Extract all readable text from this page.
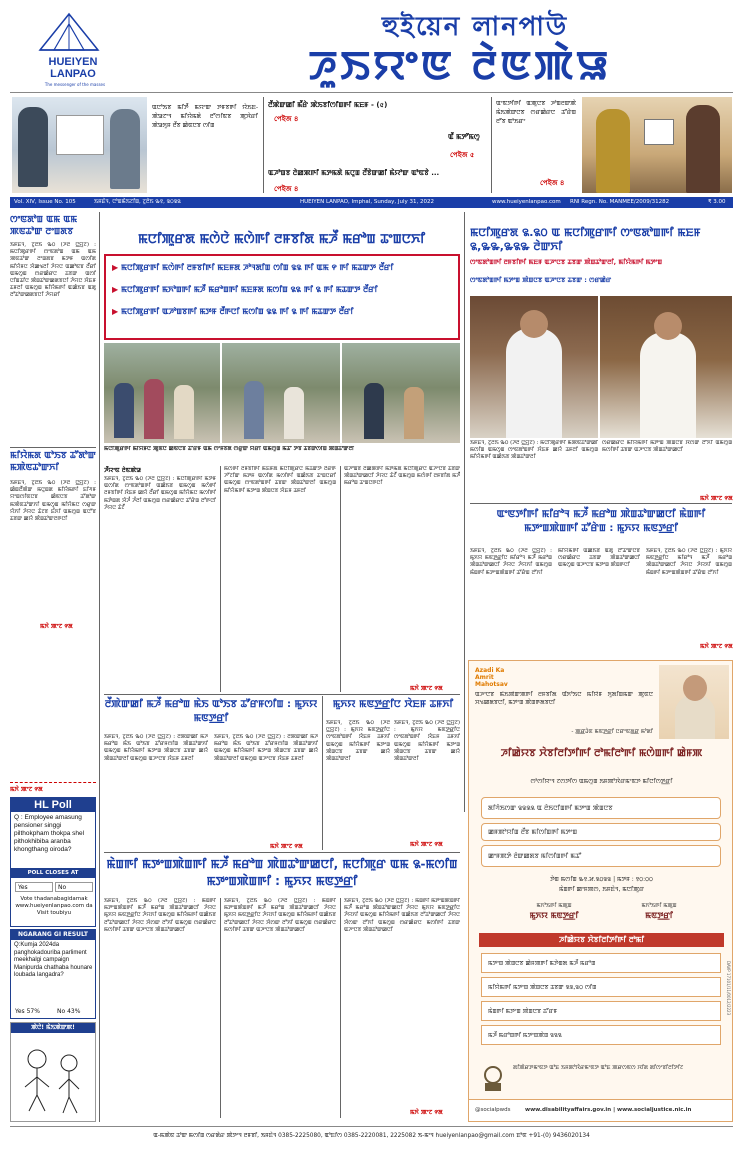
HUEIYEN
LANPAO
The messenger of the masses
হুইয়েন লানপাউ
ꯍꯨꯏꯌꯦꯟ ꯂꯥꯟꯄꯥꯎ
ꯑꯅꯣꯏꯕ ꯃꯤꯇꯩ ꯃꯌꯦꯛ ꯇꯝꯕꯒꯤ ꯌꯥꯏꯐ-ꯄꯥꯎꯖꯦꯜ ꯃꯤꯌꯥꯃꯗꯥ ꯂꯧꯁꯤꯟꯕ ꯄꯨꯋꯥꯔꯤ ꯄꯥꯎꯈꯨꯝ ꯂꯩꯕ ꯀꯥꯟꯅꯕ ꯁꯤꯡ
ꯂꯩꯄꯥꯛꯀꯤ ꯃꯩꯔꯥ ꯄꯥꯏꯕꯤꯁꯤꯡꯒꯤ ꯃꯐꯝ - (৫)
পেইজ ৪
ꯑꯩ ꯃꯇꯧꯃꯁꯨ
পেইজ ৫
ꯑꯍꯣꯡꯕ ꯂꯥꯀꯄꯒꯤ ꯃꯇꯃꯗꯥ ꯃꯅꯨꯡ ꯂꯩꯕꯥꯛꯀꯤ ꯃꯥꯌꯣꯛ ꯑꯣꯟꯕꯥ ...
পেইজ ৪
ꯑꯦꯟꯇꯤꯒꯤ ꯑꯄꯨꯅꯕ ꯍꯣꯡꯂꯛꯄꯥ ꯃꯥꯏꯄꯥꯛꯅꯕ ꯁꯔꯀꯥꯔꯅ ꯊꯧꯔꯥꯡ ꯂꯧꯕ ꯑꯣꯏꯔꯦ
পেইজ ৪
Vol. XIV, Issue No. 105	ꯏꯝꯐꯥꯜ, ꯅꯣꯡꯃꯥꯏꯖꯤꯡ, ꯖꯨꯂꯥꯏ ꯳꯱, ꯲꯰꯲꯲	HUEIYEN LANPAO, Imphal, Sunday, July 31, 2022	www.hueiyenlanpao.com RNI Regn. No. MANMEE/2009/31282	₹ 3.00
ꯁꯦꯟꯗꯣꯡ ꯑꯃ ꯑꯃ ꯄꯟꯊꯣꯛ ꯂꯦꯡꯗꯕ
ꯏꯝꯐꯥꯜ, ꯖꯨꯂꯥꯏ ꯳꯰ (ꯍꯂ ꯅ꯭ꯌꯨꯖ) : ꯃꯅꯤꯄꯨꯔꯒꯤ ꯁꯦꯟꯗꯣꯡ ꯑꯃ ꯑꯃ ꯄꯟꯊꯣꯛ ꯂꯦꯡꯗꯕ ꯃꯇꯝ ꯑꯁꯤꯗ ꯃꯤꯌꯥꯝꯅ ꯋꯥꯀꯠꯂꯤ ꯍꯥꯌꯅ ꯑꯀꯣꯟꯕ ꯂꯩꯔꯤ ꯑꯃꯁꯨꯡ ꯁꯔꯀꯥꯔꯅ ꯊꯕꯛ ꯑꯁꯤ ꯅꯤꯡꯊꯤꯅ ꯄꯥꯡꯊꯣꯛꯀꯗꯕꯅꯤ ꯍꯥꯌꯅ ꯋꯥꯐꯝ ꯊꯝꯂꯤ ꯑꯃꯁꯨꯡ ꯃꯤꯌꯥꯃꯒꯤ ꯑꯀꯥꯏꯕ ꯑꯗꯨ ꯂꯧꯊꯣꯛꯀꯗꯕꯅꯤ ꯍꯥꯌꯔꯤ
ꯃꯤꯌꯥꯃꯗ ꯑꯣꯏꯕ ꯊꯧꯗꯣꯛ ꯃꯄꯥꯟꯊꯣꯛꯈꯤ
ꯏꯝꯐꯥꯜ, ꯖꯨꯂꯥꯏ ꯳꯰ (ꯍꯂ ꯅ꯭ꯌꯨꯖ) : ꯀꯥꯡꯂꯩꯄꯥꯛ ꯃꯅꯨꯡꯗ ꯃꯤꯌꯥꯃꯒꯤ ꯐꯤꯚꯝ ꯌꯦꯡꯁꯤꯟꯅꯕ ꯀꯥꯟꯅꯕ ꯊꯧꯗꯣꯛ ꯃꯄꯥꯟꯊꯣꯛꯈꯤ ꯑꯃꯁꯨꯡ ꯃꯤꯌꯥꯃꯅ ꯁꯔꯨꯛ ꯌꯥꯈꯤ ꯍꯥꯌꯅ ꯊꯥꯖꯕ ꯐꯪꯈꯤ ꯑꯃꯁꯨꯡ ꯑꯅꯧꯕ ꯊꯕꯛ ꯀꯌꯥ ꯄꯥꯡꯊꯣꯛꯂꯒꯅꯤ
ꯃꯈꯥ ꯄꯦꯖ ꯵ꯗ
ꯃꯈꯥ ꯄꯦꯖ ꯵ꯗ
HL Poll
Q : Employee amasung pensioner singgi pilthokpham thokpa shel pithokhibiba aranba khongthang oiroda?
POLL CLOSES AT MIDNIGHT
Yes	No
Vote thadanabagidamak www.hueiyenlanpao.com da Visit toubiyu
NGARANG GI RESULT
Q:Kumja 2024da panghokadouriba parliment meekhalgi campaign Manipurda chathaba hounare loubada langadra?
Yes 57%	No 43%
ꯄꯥꯅꯥ! ꯃꯥꯏꯄꯥꯛꯄ!
ꯃꯅꯤꯄꯨꯔꯗ ꯃꯁꯥꯅꯥ ꯃꯁꯥꯒꯤ ꯂꯝꯕꯤꯗ ꯃꯍꯩ ꯃꯔꯣꯡ ꯊꯦꯡꯅꯈꯤ
▶ ꯃꯅꯤꯄꯨꯔꯒꯤ ꯃꯁꯥꯒꯤ ꯂꯝꯕꯤꯒꯤ ꯃꯐꯝꯗ ꯍꯣꯜꯗꯤꯡ ꯁꯤꯡ ꯲꯲ ꯒꯤ ꯑꯃ ꯵ ꯒꯤ ꯃꯊꯛꯇ ꯂꯩꯔꯤ
▶ ꯃꯅꯤꯄꯨꯔꯒꯤ ꯃꯈꯣꯡꯒꯤ ꯃꯍꯩ ꯃꯔꯣꯡꯒꯤ ꯃꯐꯝꯗ ꯃꯁꯤꯡ ꯲꯲ ꯒꯤ ꯲ ꯒꯤ ꯃꯊꯛꯇ ꯂꯩꯔꯤ
▶ ꯃꯅꯤꯄꯨꯔꯒꯤ ꯑꯍꯣꯡꯕꯒꯤ ꯃꯇꯝ ꯂꯩꯒꯅꯤ ꯃꯁꯤꯡ ꯲꯲ ꯒꯤ ꯲ ꯒꯤ ꯃꯊꯛꯇ ꯂꯩꯔꯤ
ꯃꯅꯤꯄꯨꯔꯒꯤ ꯃꯤꯌꯥꯝꯅ ꯄꯨꯟꯅ ꯀꯥꯟꯅꯕ ꯊꯧꯔꯝ ꯑꯃ ꯁꯦꯝꯕꯗ ꯁꯔꯨꯛ ꯌꯥꯔꯤ ꯑꯃꯁꯨꯡ ꯃꯊꯧ ꯇꯥꯕ ꯊꯕꯛꯁꯤꯡ ꯄꯥꯡꯊꯣꯛꯂꯤ
ꯍꯩꯌꯦꯟ ꯂꯥꯟꯄꯥꯎ
ꯏꯝꯐꯥꯜ, ꯖꯨꯂꯥꯏ ꯳꯰ (ꯍꯂ ꯅ꯭ꯌꯨꯖ) : ꯃꯅꯤꯄꯨꯔꯒꯤ ꯃꯇꯝ ꯑꯁꯤꯗ ꯁꯦꯟꯗꯣꯡꯒꯤ ꯑꯀꯥꯏꯕ ꯑꯃꯁꯨꯡ ꯃꯁꯥꯒꯤ ꯂꯝꯕꯤꯒꯤ ꯋꯥꯐꯝ ꯀꯌꯥ ꯂꯩꯔꯤ ꯑꯃꯁꯨꯡ ꯃꯤꯌꯥꯃꯅ ꯃꯁꯤꯒꯤ ꯃꯇꯥꯡꯗ ꯋꯥꯍꯪ ꯍꯪꯂꯤ ꯑꯃꯁꯨꯡ ꯁꯔꯀꯥꯔꯅ ꯊꯧꯔꯥꯡ ꯂꯧꯒꯅꯤ ꯍꯥꯌꯅ ꯊꯥꯖꯩ
ꯃꯁꯥꯒꯤ ꯂꯝꯕꯤꯒꯤ ꯃꯐꯝꯗ ꯃꯅꯤꯄꯨꯔꯅ ꯃꯊꯛꯇ ꯂꯩꯔꯒꯥ ꯍꯧꯖꯤꯛ ꯃꯇꯝ ꯑꯁꯤꯗ ꯃꯁꯤꯒꯤ ꯑꯀꯥꯏꯕ ꯊꯦꯡꯅꯔꯤ ꯑꯃꯁꯨꯡ ꯁꯦꯟꯗꯣꯡꯒꯤ ꯊꯕꯛ ꯄꯥꯡꯊꯣꯛꯂꯤ ꯑꯃꯁꯨꯡ ꯃꯤꯌꯥꯃꯒꯤ ꯃꯇꯦꯡ ꯄꯥꯡꯅꯕ ꯋꯥꯐꯝ ꯊꯝꯂꯤ
ꯑꯍꯣꯡꯕ ꯂꯥꯀꯄꯒꯤ ꯃꯇꯃꯗꯥ ꯃꯅꯤꯄꯨꯔꯅ ꯑꯍꯦꯅꯕ ꯊꯕꯛ ꯄꯥꯡꯊꯣꯛꯀꯅꯤ ꯍꯥꯌꯅ ꯊꯥꯖꯩ ꯑꯃꯁꯨꯡ ꯃꯁꯥꯒꯤ ꯂꯝꯕꯤꯗ ꯃꯍꯩ ꯃꯔꯣꯡ ꯊꯦꯡꯅꯒꯅꯤ
ꯃꯈꯥ ꯄꯦꯖ ꯵ꯗ
ꯃꯅꯤꯄꯨꯔꯗ ꯲.꯲꯰ ꯑ ꯃꯅꯤꯄꯨꯔꯒꯤ ꯁꯦꯟꯗꯣꯡꯒꯤ ꯃꯐꯝ ꯲,꯳꯳,꯳꯲꯳ ꯂꯥꯛꯈꯤ
ꯁꯦꯟꯗꯣꯡꯒꯤ ꯂꯝꯕꯤꯒꯤ ꯃꯐꯝ ꯑꯍꯦꯅꯕ ꯊꯕꯛ ꯄꯥꯡꯊꯣꯛꯂꯤ, ꯃꯤꯌꯥꯃꯒꯤ ꯃꯇꯦꯡ
ꯁꯦꯟꯗꯣꯡꯒꯤ ꯃꯇꯦꯡ ꯄꯥꯡꯅꯕ ꯑꯍꯦꯅꯕ ꯊꯕꯛ : ꯁꯔꯀꯥꯔ
ꯏꯝꯐꯥꯜ, ꯖꯨꯂꯥꯏ ꯳꯰ (ꯍꯂ ꯅ꯭ꯌꯨꯖ) : ꯃꯅꯤꯄꯨꯔꯒꯤ ꯃꯄꯥꯟꯊꯣꯛꯀꯤ ꯃꯁꯤꯡ ꯑꯃꯁꯨꯡ ꯁꯦꯟꯗꯣꯡꯒꯤ ꯋꯥꯐꯝ ꯀꯌꯥ ꯊꯝꯂꯤ ꯑꯃꯁꯨꯡ ꯃꯤꯌꯥꯃꯒꯤ ꯑꯀꯥꯏꯕ ꯄꯥꯡꯊꯣꯛꯂꯤ
ꯁꯔꯀꯥꯔꯅ ꯃꯤꯌꯥꯃꯒꯤ ꯃꯇꯦꯡ ꯄꯥꯡꯅꯕ ꯋꯥꯁꯛ ꯂꯧꯈꯤ ꯑꯃꯁꯨꯡ ꯃꯁꯤꯒꯤ ꯊꯕꯛ ꯑꯍꯦꯅꯕ ꯄꯥꯡꯊꯣꯛꯀꯅꯤ
ꯃꯈꯥ ꯄꯦꯖ ꯵ꯗ
ꯑꯦꯟꯇꯤꯒꯤ ꯃꯤꯔꯣꯜ ꯃꯍꯩ ꯃꯔꯣꯡ ꯄꯥꯡꯊꯣꯛꯀꯅꯤ ꯃꯥꯡꯒꯤ ꯃꯇꯦꯡꯄꯥꯡꯒꯤ ꯊꯧꯔꯥꯡ : ꯃꯨꯈꯌ ꯃꯟꯇ꯭ꯔꯤ
ꯏꯝꯐꯥꯜ, ꯖꯨꯂꯥꯏ ꯳꯰ (ꯍꯂ ꯅ꯭ꯌꯨꯖ) : ꯃꯨꯈꯌ ꯃꯟꯇ꯭ꯔꯤꯅ ꯃꯤꯔꯣꯜ ꯃꯍꯩ ꯃꯔꯣꯡ ꯄꯥꯡꯊꯣꯛꯀꯅꯤ ꯍꯥꯌꯅ ꯍꯥꯌꯈꯤ ꯑꯃꯁꯨꯡ ꯃꯥꯡꯒꯤ ꯃꯇꯦꯡꯄꯥꯡꯒꯤ ꯊꯧꯔꯥꯡ ꯂꯧꯈꯤ
ꯃꯤꯌꯥꯃꯒꯤ ꯑꯀꯥꯏꯕ ꯑꯗꯨ ꯂꯧꯊꯣꯛꯅꯕ ꯁꯔꯀꯥꯔꯅ ꯊꯕꯛ ꯄꯥꯡꯊꯣꯛꯀꯅꯤ ꯑꯃꯁꯨꯡ ꯑꯍꯦꯅꯕ ꯃꯇꯦꯡ ꯄꯥꯡꯒꯅꯤ
ꯏꯝꯐꯥꯜ, ꯖꯨꯂꯥꯏ ꯳꯰ (ꯍꯂ ꯅ꯭ꯌꯨꯖ) : ꯃꯨꯈꯌ ꯃꯟꯇ꯭ꯔꯤꯅ ꯃꯤꯔꯣꯜ ꯃꯍꯩ ꯃꯔꯣꯡ ꯄꯥꯡꯊꯣꯛꯀꯅꯤ ꯍꯥꯌꯅ ꯍꯥꯌꯈꯤ ꯑꯃꯁꯨꯡ ꯃꯥꯡꯒꯤ ꯃꯇꯦꯡꯄꯥꯡꯒꯤ ꯊꯧꯔꯥꯡ ꯂꯧꯈꯤ
ꯃꯈꯥ ꯄꯦꯖ ꯵ꯗ
ꯂꯩꯄꯥꯛꯀꯤ ꯃꯍꯩ ꯃꯔꯣꯡ ꯃꯥꯏ ꯑꯣꯏꯕ ꯊꯧꯔꯝꯁꯤꯡ : ꯃꯨꯈꯌ ꯃꯟꯇ꯭ꯔꯤ
ꯏꯝꯐꯥꯜ, ꯖꯨꯂꯥꯏ ꯳꯰ (ꯍꯂ ꯅ꯭ꯌꯨꯖ) : ꯂꯩꯄꯥꯛꯀꯤ ꯃꯍꯩ ꯃꯔꯣꯡ ꯃꯥꯏ ꯑꯣꯏꯕ ꯊꯧꯔꯝꯁꯤꯡ ꯄꯥꯡꯊꯣꯛꯈꯤ ꯑꯃꯁꯨꯡ ꯃꯤꯌꯥꯃꯒꯤ ꯃꯇꯦꯡ ꯄꯥꯡꯅꯕ ꯊꯕꯛ ꯀꯌꯥ ꯄꯥꯡꯊꯣꯛꯂꯤ ꯑꯃꯁꯨꯡ ꯑꯍꯦꯅꯕ ꯋꯥꯐꯝ ꯊꯝꯂꯤ
ꯏꯝꯐꯥꯜ, ꯖꯨꯂꯥꯏ ꯳꯰ (ꯍꯂ ꯅ꯭ꯌꯨꯖ) : ꯂꯩꯄꯥꯛꯀꯤ ꯃꯍꯩ ꯃꯔꯣꯡ ꯃꯥꯏ ꯑꯣꯏꯕ ꯊꯧꯔꯝꯁꯤꯡ ꯄꯥꯡꯊꯣꯛꯈꯤ ꯑꯃꯁꯨꯡ ꯃꯤꯌꯥꯃꯒꯤ ꯃꯇꯦꯡ ꯄꯥꯡꯅꯕ ꯊꯕꯛ ꯀꯌꯥ ꯄꯥꯡꯊꯣꯛꯂꯤ ꯑꯃꯁꯨꯡ ꯑꯍꯦꯅꯕ ꯋꯥꯐꯝ ꯊꯝꯂꯤ
ꯃꯈꯥ ꯄꯦꯖ ꯵ꯗ
ꯃꯨꯈꯌ ꯃꯟꯇ꯭ꯔꯤꯅ ꯋꯥꯐꯝ ꯊꯝꯈꯤ
ꯏꯝꯐꯥꯜ, ꯖꯨꯂꯥꯏ ꯳꯰ (ꯍꯂ ꯅ꯭ꯌꯨꯖ) : ꯃꯨꯈꯌ ꯃꯟꯇ꯭ꯔꯤꯅ ꯁꯦꯟꯗꯣꯡꯒꯤ ꯋꯥꯐꯝ ꯊꯝꯈꯤ ꯑꯃꯁꯨꯡ ꯃꯤꯌꯥꯃꯒꯤ ꯃꯇꯦꯡ ꯄꯥꯡꯅꯕ ꯊꯕꯛ ꯀꯌꯥ ꯄꯥꯡꯊꯣꯛꯂꯤ
ꯏꯝꯐꯥꯜ, ꯖꯨꯂꯥꯏ ꯳꯰ (ꯍꯂ ꯅ꯭ꯌꯨꯖ) : ꯃꯨꯈꯌ ꯃꯟꯇ꯭ꯔꯤꯅ ꯁꯦꯟꯗꯣꯡꯒꯤ ꯋꯥꯐꯝ ꯊꯝꯈꯤ ꯑꯃꯁꯨꯡ ꯃꯤꯌꯥꯃꯒꯤ ꯃꯇꯦꯡ ꯄꯥꯡꯅꯕ ꯊꯕꯛ ꯀꯌꯥ ꯄꯥꯡꯊꯣꯛꯂꯤ
ꯃꯈꯥ ꯄꯦꯖ ꯵ꯗ
ꯃꯥꯡꯒꯤ ꯃꯇꯦꯡꯄꯥꯡꯒꯤ ꯃꯍꯩ ꯃꯔꯣꯡ ꯄꯥꯡꯊꯣꯛꯀꯅꯤ, ꯃꯅꯤꯄꯨꯔ ꯑꯃ ꯲-ꯃꯁꯤꯡ ꯃꯇꯦꯡꯄꯥꯡꯒꯤ : ꯃꯨꯈꯌ ꯃꯟꯇ꯭ꯔꯤ
ꯏꯝꯐꯥꯜ, ꯖꯨꯂꯥꯏ ꯳꯰ (ꯍꯂ ꯅ꯭ꯌꯨꯖ) : ꯃꯥꯡꯒꯤ ꯃꯇꯦꯡꯄꯥꯡꯒꯤ ꯃꯍꯩ ꯃꯔꯣꯡ ꯄꯥꯡꯊꯣꯛꯀꯅꯤ ꯍꯥꯌꯅ ꯃꯨꯈꯌ ꯃꯟꯇ꯭ꯔꯤꯅ ꯍꯥꯌꯈꯤ ꯑꯃꯁꯨꯡ ꯃꯤꯌꯥꯃꯒꯤ ꯑꯀꯥꯏꯕ ꯂꯧꯊꯣꯛꯀꯅꯤ ꯍꯥꯌꯅ ꯋꯥꯁꯛ ꯂꯧꯈꯤ ꯑꯃꯁꯨꯡ ꯁꯔꯀꯥꯔꯅ ꯃꯁꯤꯒꯤ ꯊꯕꯛ ꯑꯍꯦꯅꯕ ꯄꯥꯡꯊꯣꯛꯀꯅꯤ
ꯏꯝꯐꯥꯜ, ꯖꯨꯂꯥꯏ ꯳꯰ (ꯍꯂ ꯅ꯭ꯌꯨꯖ) : ꯃꯥꯡꯒꯤ ꯃꯇꯦꯡꯄꯥꯡꯒꯤ ꯃꯍꯩ ꯃꯔꯣꯡ ꯄꯥꯡꯊꯣꯛꯀꯅꯤ ꯍꯥꯌꯅ ꯃꯨꯈꯌ ꯃꯟꯇ꯭ꯔꯤꯅ ꯍꯥꯌꯈꯤ ꯑꯃꯁꯨꯡ ꯃꯤꯌꯥꯃꯒꯤ ꯑꯀꯥꯏꯕ ꯂꯧꯊꯣꯛꯀꯅꯤ ꯍꯥꯌꯅ ꯋꯥꯁꯛ ꯂꯧꯈꯤ ꯑꯃꯁꯨꯡ ꯁꯔꯀꯥꯔꯅ ꯃꯁꯤꯒꯤ ꯊꯕꯛ ꯑꯍꯦꯅꯕ ꯄꯥꯡꯊꯣꯛꯀꯅꯤ
ꯏꯝꯐꯥꯜ, ꯖꯨꯂꯥꯏ ꯳꯰ (ꯍꯂ ꯅ꯭ꯌꯨꯖ) : ꯃꯥꯡꯒꯤ ꯃꯇꯦꯡꯄꯥꯡꯒꯤ ꯃꯍꯩ ꯃꯔꯣꯡ ꯄꯥꯡꯊꯣꯛꯀꯅꯤ ꯍꯥꯌꯅ ꯃꯨꯈꯌ ꯃꯟꯇ꯭ꯔꯤꯅ ꯍꯥꯌꯈꯤ ꯑꯃꯁꯨꯡ ꯃꯤꯌꯥꯃꯒꯤ ꯑꯀꯥꯏꯕ ꯂꯧꯊꯣꯛꯀꯅꯤ ꯍꯥꯌꯅ ꯋꯥꯁꯛ ꯂꯧꯈꯤ ꯑꯃꯁꯨꯡ ꯁꯔꯀꯥꯔꯅ ꯃꯁꯤꯒꯤ ꯊꯕꯛ ꯑꯍꯦꯅꯕ ꯄꯥꯡꯊꯣꯛꯀꯅꯤ
ꯃꯈꯥ ꯄꯦꯖ ꯵ꯗ
Azadi Ka Amrit Mahotsav
ꯑꯍꯦꯅꯕ ꯃꯥꯏꯄꯥꯛꯄꯒꯤ ꯂꯝꯕꯤꯗ ꯑꯩꯈꯣꯏꯅ ꯃꯤꯌꯥꯝ ꯈꯨꯗꯤꯡꯃꯛ ꯄꯨꯟꯅ ꯆꯠꯀꯗꯕꯅꯤ, ꯃꯇꯦꯡ ꯄꯥꯡꯒꯗꯕꯅꯤ
- ꯄ꯭ꯔꯙꯥꯟ ꯃꯟꯇ꯭ꯔꯤ ꯅꯔꯦꯟꯗ꯭ꯔ ꯃꯣꯗꯤ
ꯍꯤꯀꯥꯌꯕ ꯆꯥꯕꯤꯂꯤꯇꯤꯒꯤ ꯂꯣꯃꯤꯂꯣꯒꯤ ꯃꯁꯥꯡꯒꯤ ꯀꯥꯝꯄ
ꯁꯣꯁꯤꯌꯦꯜ ꯖꯁꯇꯤꯁ ꯑꯃꯁꯨꯡ ꯏꯝꯄꯣꯋꯥꯔꯃꯦꯟꯇ ꯃꯤꯅꯤꯁꯇ꯭ꯔꯤ
ꯗꯤꯚꯥꯏꯁꯛ ꯲꯲꯲꯲ ꯑ ꯂꯥꯏꯅꯤꯡꯒꯤ ꯃꯇꯦꯡ ꯄꯥꯡꯅꯕ
ꯀꯝꯄꯣꯌꯤꯡ ꯂꯩꯕ ꯃꯤꯁꯤꯡꯒꯤ ꯃꯇꯦꯡ
ꯀꯦꯝꯄꯇꯥ ꯂꯥꯛꯀꯗꯕ ꯃꯤꯁꯤꯡꯒꯤ ꯃꯊꯧ
ꯇꯥꯡ ꯃꯁꯤꯡ ꯳꯱.꯷.꯲꯰꯲꯲ | ꯃꯇꯝ : ꯱꯰:꯰꯰
ꯃꯥꯡꯒꯤ ꯀꯦꯝꯄꯁ, ꯏꯝꯐꯥꯜ, ꯃꯅꯤꯄꯨꯔ
ꯃꯈꯣꯏꯒꯤ ꯃꯄꯨꯡ
ꯃꯨꯈꯌ ꯃꯟꯇ꯭ꯔꯤ
ꯃꯈꯣꯏꯒꯤ ꯃꯄꯨꯡ
ꯃꯟꯇ꯭ꯔꯤ
ꯍꯤꯀꯥꯌꯕ ꯆꯥꯕꯤꯂꯤꯇꯤꯒꯤ ꯂꯣꯃꯤ
ꯃꯇꯦꯡ ꯄꯥꯡꯅꯕ ꯀꯥꯝꯄꯒꯤ ꯃꯇꯥꯡꯗ ꯃꯍꯩ ꯃꯔꯣꯡ
ꯃꯤꯌꯥꯃꯒꯤ ꯃꯇꯦꯡ ꯄꯥꯡꯅꯕ ꯊꯕꯛ ꯲꯲,꯲꯰ ꯁꯤꯡ
ꯃꯥꯡꯒꯤ ꯃꯇꯦꯡ ꯄꯥꯡꯅꯕ ꯊꯧꯔꯝ
ꯃꯍꯩ ꯃꯔꯣꯡꯒꯤ ꯃꯇꯦꯡꯄꯥꯡ ꯲꯲꯲
ꯗꯤꯄꯥꯔꯇꯃꯦꯟꯇ ꯑꯣꯐ ꯏꯝꯄꯣꯋꯥꯔꯃꯦꯟꯇ ꯑꯣꯐ ꯄꯔꯁꯟꯁ ꯋꯤꯗ ꯗꯤꯁꯦꯕꯤꯂꯤꯇꯤꯖ
@socialpwds	www.disabilityaffairs.gov.in | www.socialjustice.nic.in
DAVP 17101/11/0012/2223
ꯑ-ꯃꯄꯥꯟ ꯊꯣꯛ ꯃꯁꯤꯡ ꯁꯔꯗꯥꯔ ꯄꯥꯇꯦꯜ ꯂꯝꯕꯤ, ꯏꯝꯐꯥꯜ 0385-2225080, ꯑꯣꯐꯤꯁ 0385-2220081, 2225082 ꯏ-ꯃꯦꯜ hueiyenlanpao@gmail.com ꯐꯣꯟ +91-(0) 9436020134
